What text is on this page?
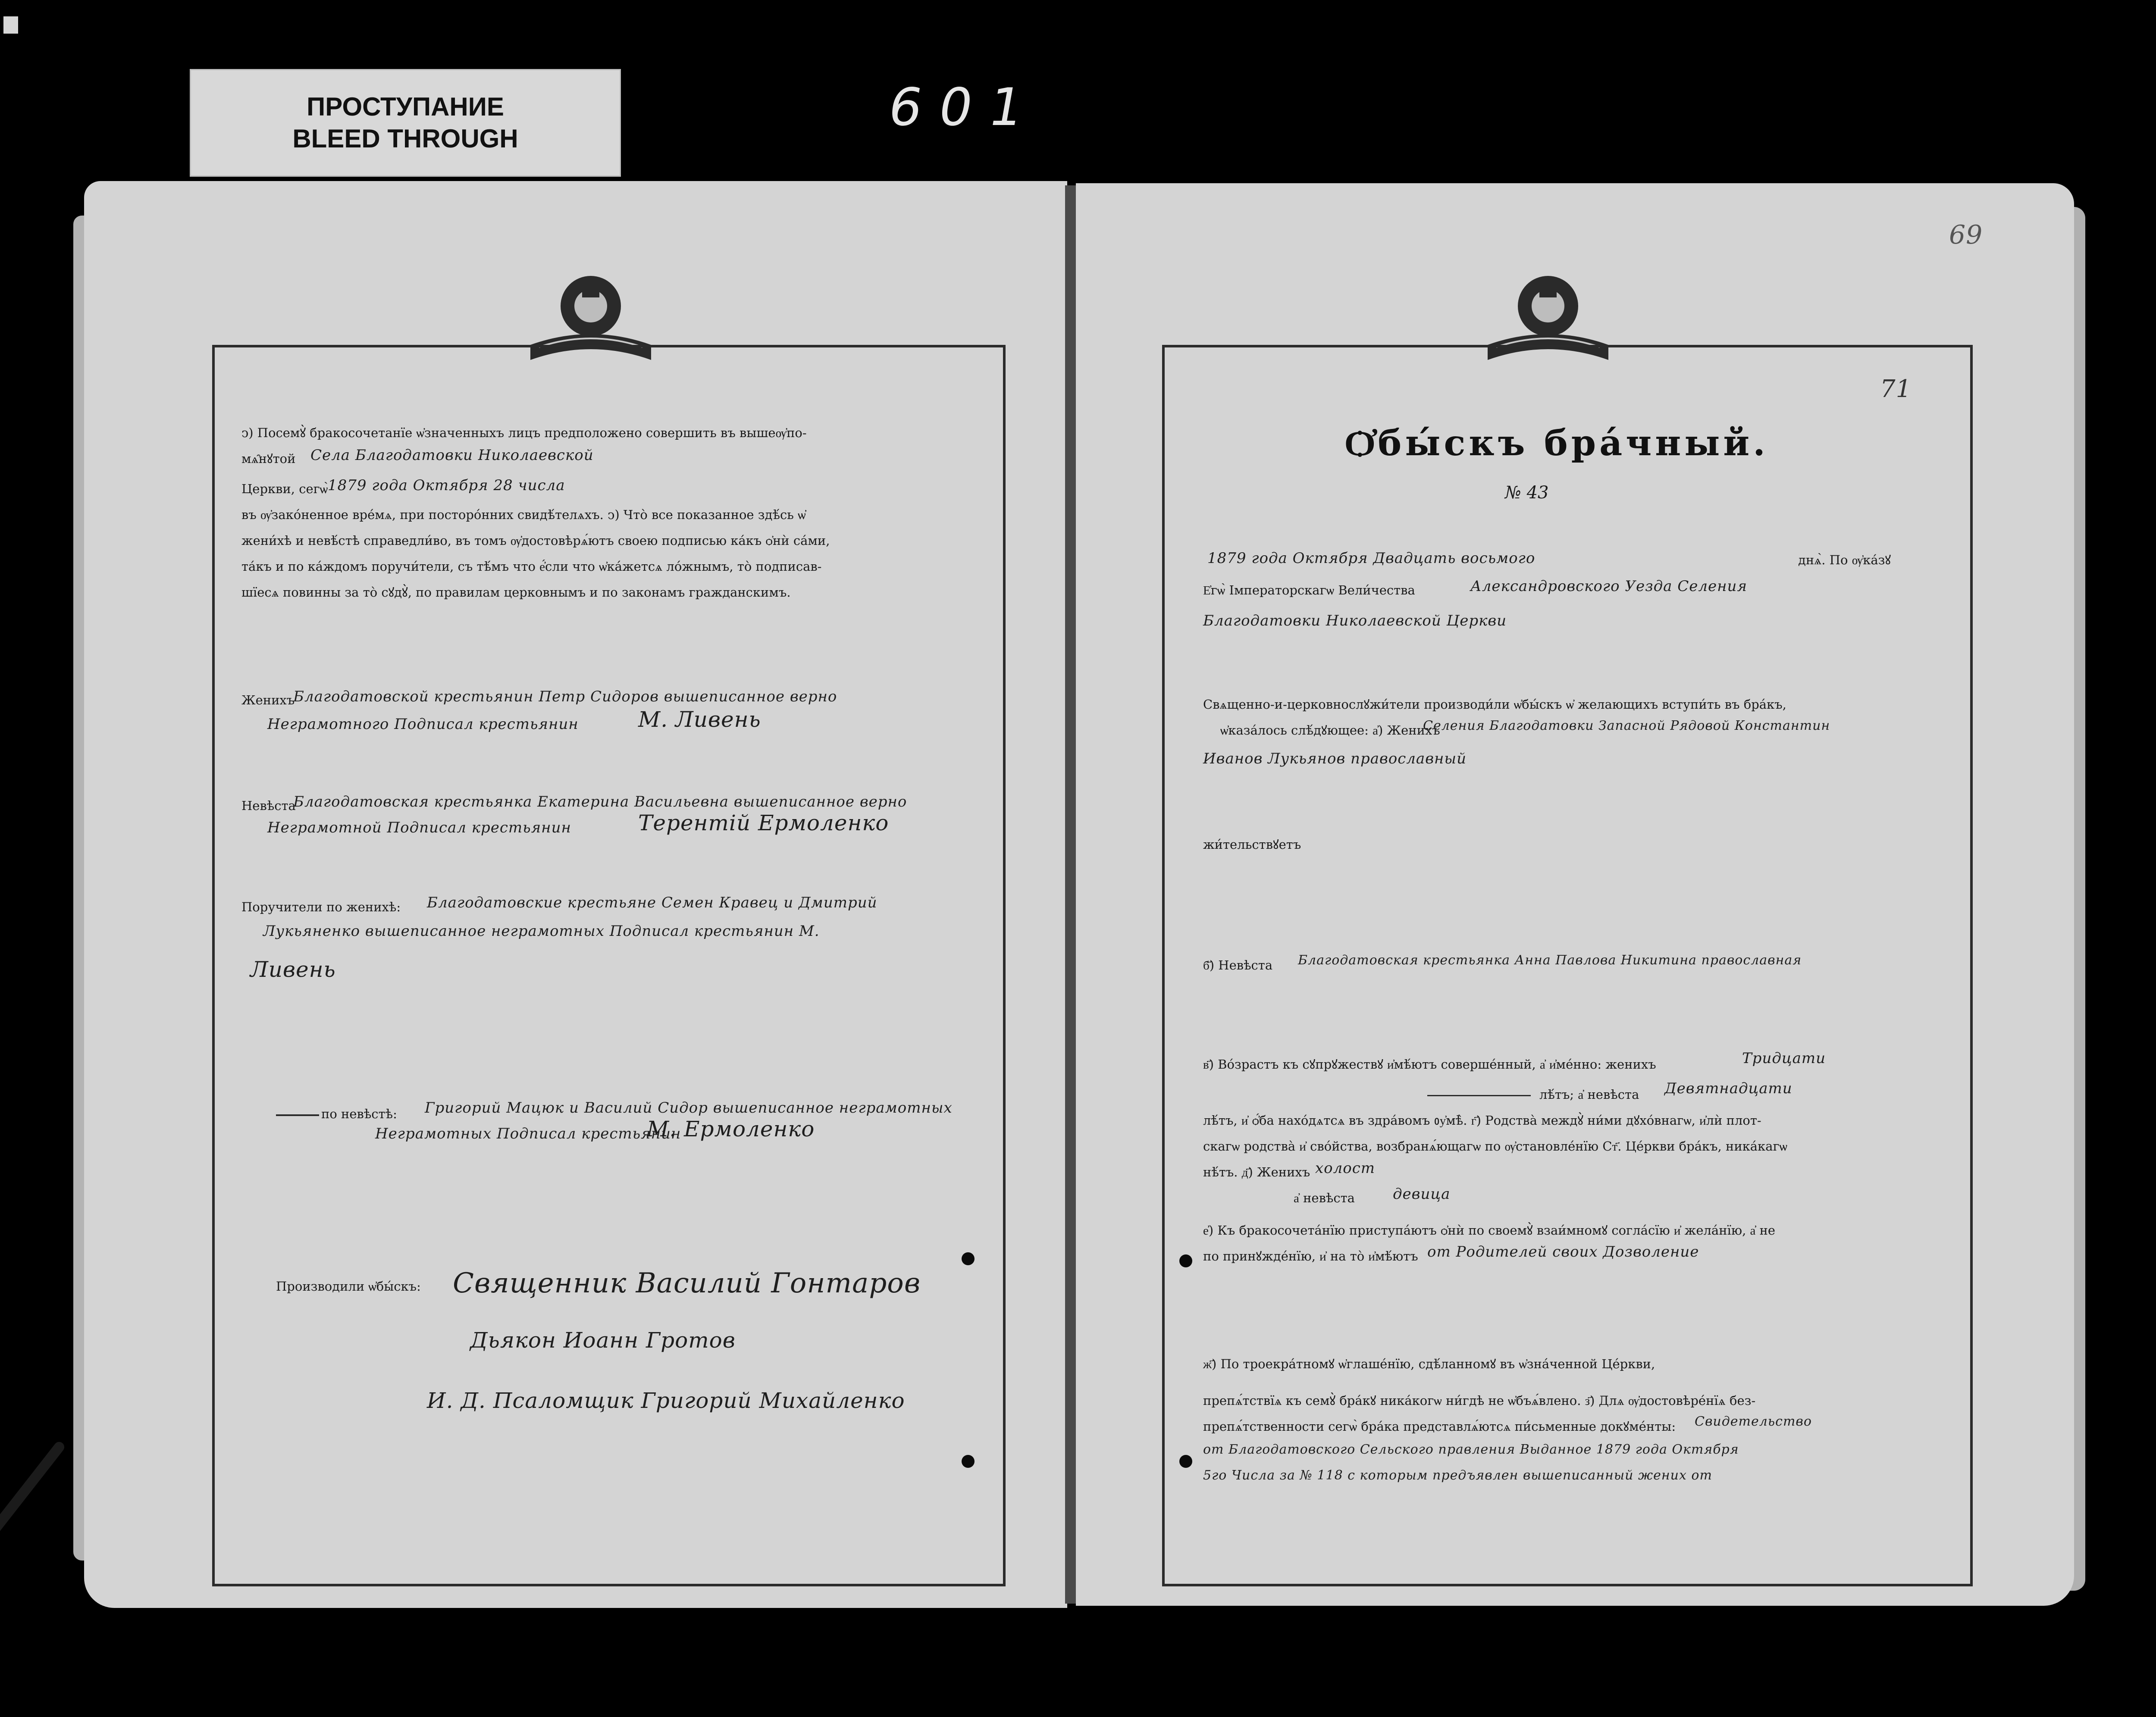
ПРОСТУПАНИЕ
BLEED THROUGH
601
ↄ) Посемꙋ̀ бракосочетанїе ѡ҆значенныхъ лицъ предположено совершить въ вышеѹ҆по-
мѧ̑нꙋтой Села Благодатовки Николаевской
Церкви, сегѡ̀ 1879 года Октября 28 числа
въ ѹ҆зако́ненное врéмѧ, при посторо́нних свидѣ́телѧхъ. ↄ) Что̀ все показанное здѣ́сь ѡ҆
жени́хѣ и невѣ́стѣ справедли́во, въ томъ ѹ҆достовѣрѧ́ютъ своею подписью ка́къ ѻ҆нѝ са́ми,
та́къ и по ка́ждомъ поручи́тели, съ тѣ́мъ что е҆́сли что ѡ҆ка́жетсѧ ло́жнымъ, то̀ подписав-
шїесѧ повинны за то̀ сꙋдꙋ̀, по правилам церковнымъ и по законамъ гражданскимъ.
Женихъ
Благодатовской крестьянин Петр Сидоров вышеписанное верно
Неграмотного Подписал крестьянин	М. Ливень
Невѣста
Благодатовская крестьянка Екатерина Васильевна вышеписанное верно
Неграмотной Подписал крестьянин	Терентій Ермоленко
Поручители по женихѣ: Благодатовские крестьяне Семен Кравец и Дмитрий
Лукьяненко вышеписанное неграмотных Подписал крестьянин М.
Ливень
по невѣстѣ: Григорий Мацюк и Василий Сидор вышеписанное неграмотных
Неграмотных Подписал крестьянин
М. Ермоленко
Производили ѡ҆бы́скъ: Священник Василий Гонтаров
Дьякон Иоанн Гротов
И. Д. Псаломщик Григорий Михайленко
69
71
Ѻ҆бы́скъ бра́чный.
№ 43
1879 года Октября Двадцать восьмого	днѧ̀. По ѹ҆ка́зꙋ
Е҆гѡ̀ Імператорскагѡ Вели́чества	Александровского Уезда Селения
Благодатовки Николаевской Церкви
Свѧщенно-и-церковнослꙋжи́тели производи́ли ѡ҆бы́скъ ѡ҆ желающихъ вступи́ть въ бра́къ,
ѡ҆каза́лось слѣ́дꙋющее: а҆) Женихъ
Селения Благодатовки Запасной Рядовой Константин
Иванов Лукьянов православный
жи́тельствꙋетъ
б҃) Невѣста Благодатовская крестьянка Анна Павлова Никитина православная
в҃) Во́зрастъ къ сꙋпрꙋжествꙋ и҆мѣ́ютъ соверше́нный, а҆ и҆ме́нно: женихъ	Тридцати
лѣ́тъ; а҆ невѣста Девятнадцати
лѣ́тъ, и҆ ѻ҆́ба нахо́дѧтсѧ въ здра́вомъ ᲂу҆мѣ̀. г҃) Родства̀ междꙋ̀ ни́ми дꙋхо́внагѡ, и҆лѝ плот-
скагѡ родства̀ и҆ сво́йства, возбранѧ́ющагѡ по ѹ҆становле́нїю Ст҃. Це́ркви бра́къ, ника́кагѡ
нѣ́тъ. д҃) Женихъ холост
а҆ невѣста	девица
е҆) Къ бракосочета́нїю приступа́ютъ ѻ҆нѝ по своемꙋ̀ взаи́мномꙋ согла́сїю и҆ жела́нїю, а҆ не
по принꙋжде́нїю, и҆ на то̀ и҆мѣ́ютъ от Родителей своих Дозволение
ж҃) По троекра́тномꙋ ѡ҆глаше́нїю, сдѣ́ланномꙋ въ ѡ҆зна́ченной Це́ркви,
препѧ́тствїѧ къ семꙋ̀ бра́кꙋ ника́когѡ ни́гдѣ не ѡ҆бъѧ́влено. з҃) Длѧ ѹ҆достовѣре́нїѧ без-
препѧ́тственности сегѡ̀ бра́ка представлѧ́ютсѧ пи́сьменные докꙋме́нты: Свидетельство
от Благодатовского Сельского правления Выданное 1879 года Октября
5го Числа за № 118 с которым предъявлен вышеписанный жених от
